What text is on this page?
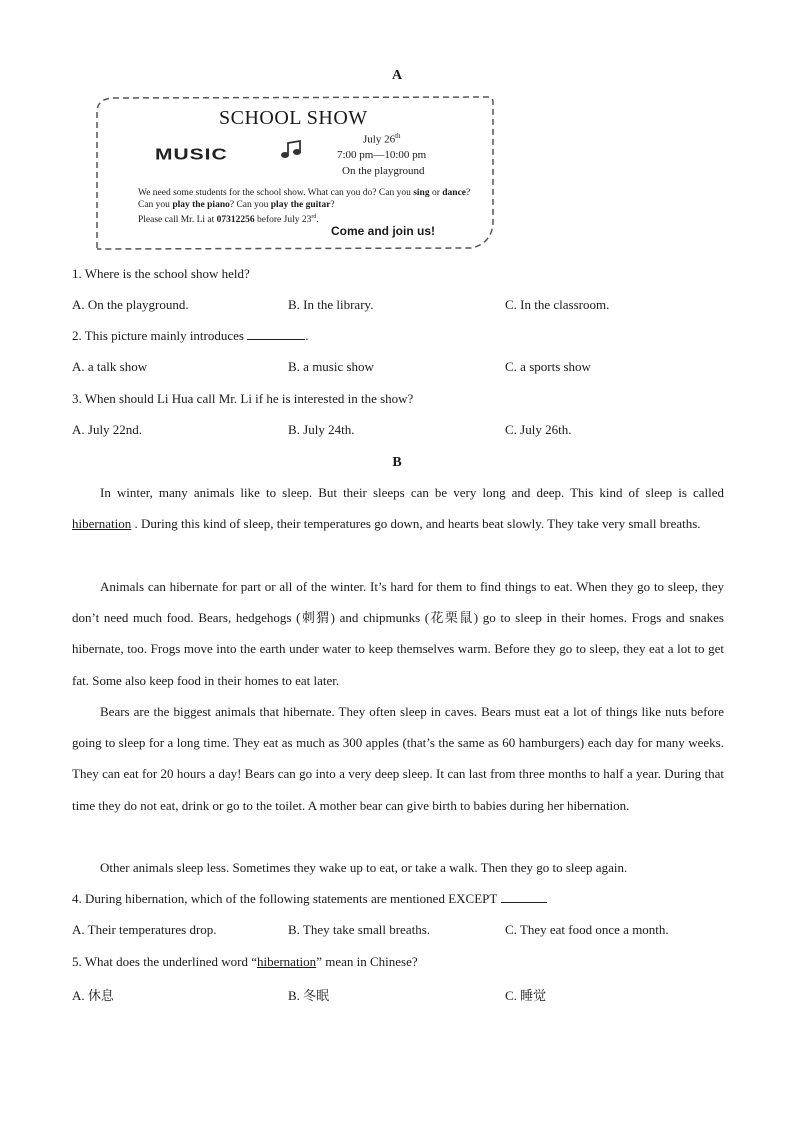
A
SCHOOL SHOW
MUSIC
July 26th
7:00 pm—10:00 pm
On the playground
We need some students for the school show. What can you do? Can you sing or dance? Can you play the piano? Can you play the guitar?
Please call Mr. Li at 07312256 before July 23rd.
Come and join us!
1. Where is the school show held?
A. On the playground.	B. In the library.	C. In the classroom.
2. This picture mainly introduces	.
A. a talk show	B. a music show	C. a sports show
3. When should Li Hua call Mr. Li if he is interested in the show?
A. July 22nd.	B. July 24th.	C. July 26th.
B
In winter, many animals like to sleep. But their sleeps can be very long and deep. This kind of sleep is called hibernation . During this kind of sleep, their temperatures go down, and hearts beat slowly. They take very small breaths.
Animals can hibernate for part or all of the winter. It’s hard for them to find things to eat. When they go to sleep, they don’t need much food. Bears, hedgehogs (刺猬) and chipmunks (花栗鼠) go to sleep in their homes. Frogs and snakes hibernate, too. Frogs move into the earth under water to keep themselves warm. Before they go to sleep, they eat a lot to get fat. Some also keep food in their homes to eat later.
Bears are the biggest animals that hibernate. They often sleep in caves. Bears must eat a lot of things like nuts before going to sleep for a long time. They eat as much as 300 apples (that’s the same as 60 hamburgers) each day for many weeks. They can eat for 20 hours a day! Bears can go into a very deep sleep. It can last from three months to half a year. During that time they do not eat, drink or go to the toilet. A mother bear can give birth to babies during her hibernation.
Other animals sleep less. Sometimes they wake up to eat, or take a walk. Then they go to sleep again.
4. During hibernation, which of the following statements are mentioned EXCEPT
A. Their temperatures drop.	B. They take small breaths.	C. They eat food once a month.
5. What does the underlined word “hibernation” mean in Chinese?
A. 休息	B. 冬眠	C. 睡觉
